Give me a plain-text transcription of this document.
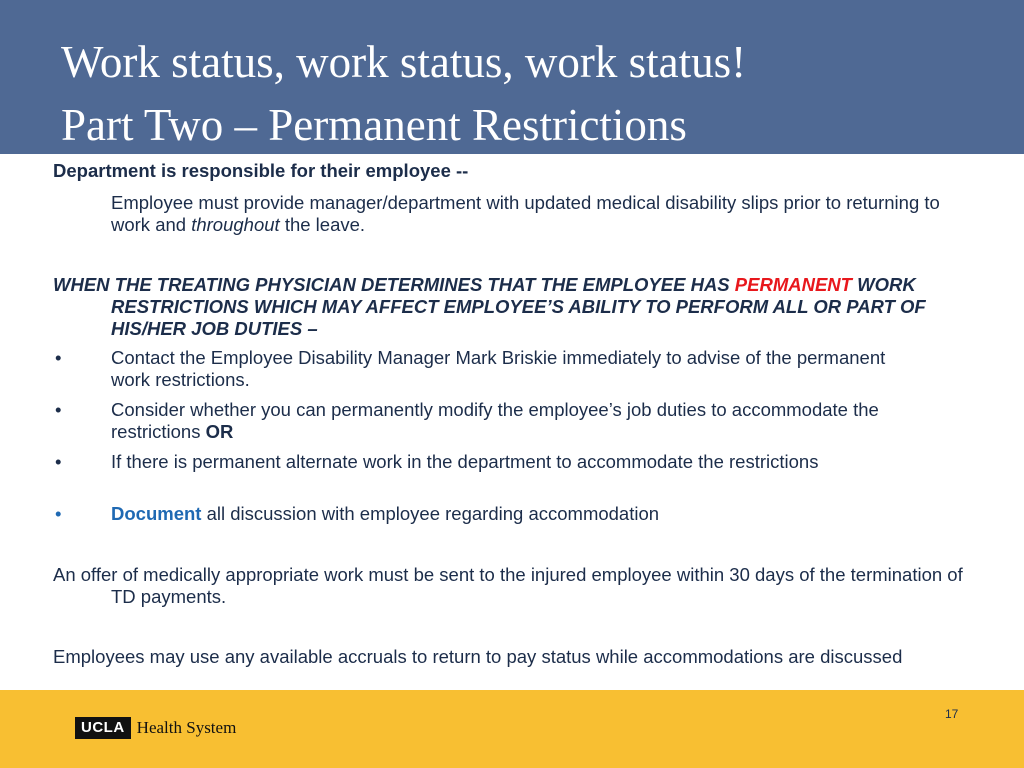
Work status, work status, work status!
Part Two – Permanent Restrictions

Department is responsible for their employee --

Employee must provide manager/department with updated medical disability slips prior to returning to work and throughout the leave.

WHEN THE TREATING PHYSICIAN DETERMINES THAT THE EMPLOYEE HAS PERMANENT WORK RESTRICTIONS WHICH MAY AFFECT EMPLOYEE’S ABILITY TO PERFORM ALL OR PART OF HIS/HER JOB DUTIES –

•	Contact the Employee Disability Manager Mark Briskie immediately to advise of the permanent work restrictions.
•	Consider whether you can permanently modify the employee’s job duties to accommodate the restrictions OR
•	If there is permanent alternate work in the department to accommodate the restrictions
•	Document all discussion with employee regarding accommodation

An offer of medically appropriate work must be sent to the injured employee within 30 days of the termination of TD payments.

Employees may use any available accruals to return to pay status while accommodations are discussed

UCLA Health System
17
